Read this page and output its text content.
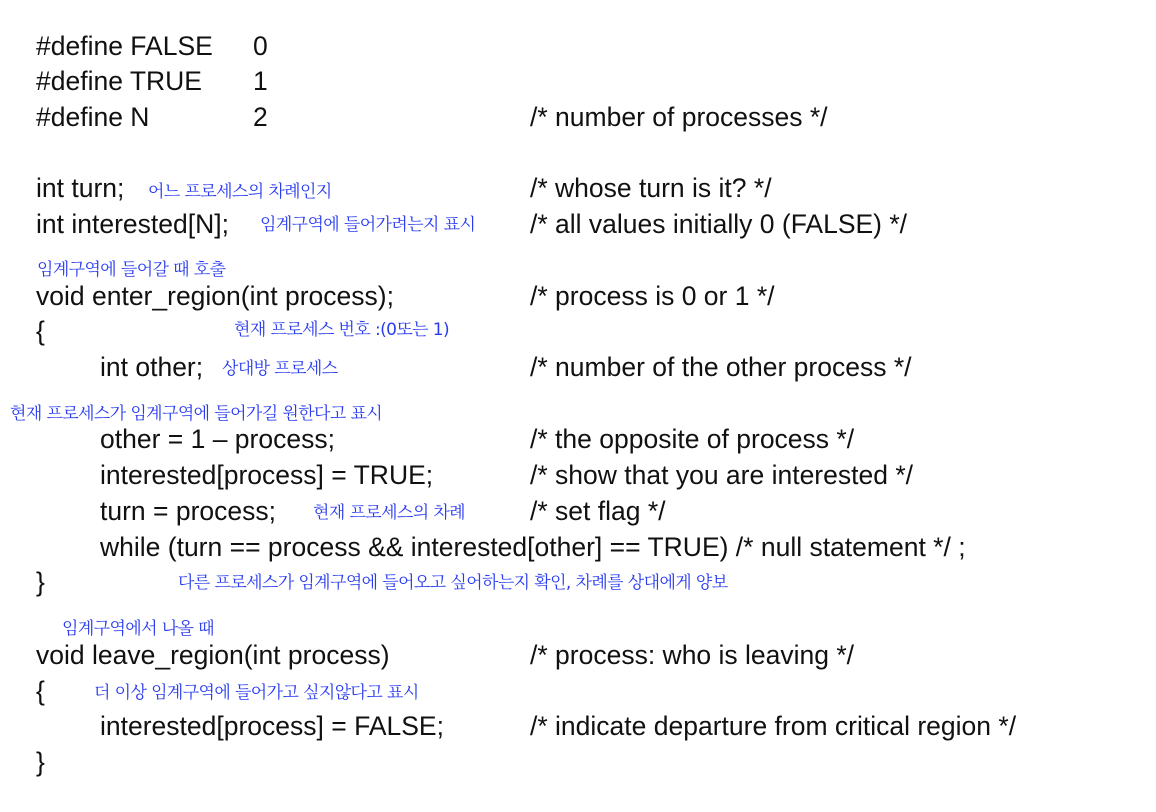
#define FALSE 0
#define TRUE 1
#define N	2	/* number of processes */
int turn; 어느 프로세스의 차례인지	/* whose turn is it? */
int interested[N]; 임계구역에 들어가려는지 표시 /* all values initially 0 (FALSE) */
임계구역에 들어갈 때 호출
void enter_region(int process);	/* process is 0 or 1 */
{	현재 프로세스 번호 :(0또는 1)
int other; 상대방 프로세스	/* number of the other process */
현재 프로세스가 임계구역에 들어가길 원한다고 표시
other = 1 – process;	/* the opposite of process */
interested[process] = TRUE;	/* show that you are interested */
turn = process; 현재 프로세스의 차례 /* set flag */
while (turn == process && interested[other] == TRUE) /* null statement */ ;
}	다른 프로세스가 임계구역에 들어오고 싶어하는지 확인, 차례를 상대에게 양보
임계구역에서 나올 때
void leave_region(int process)	/* process: who is leaving */
{	더 이상 임계구역에 들어가고 싶지않다고 표시
interested[process] = FALSE;	/* indicate departure from critical region */
}
